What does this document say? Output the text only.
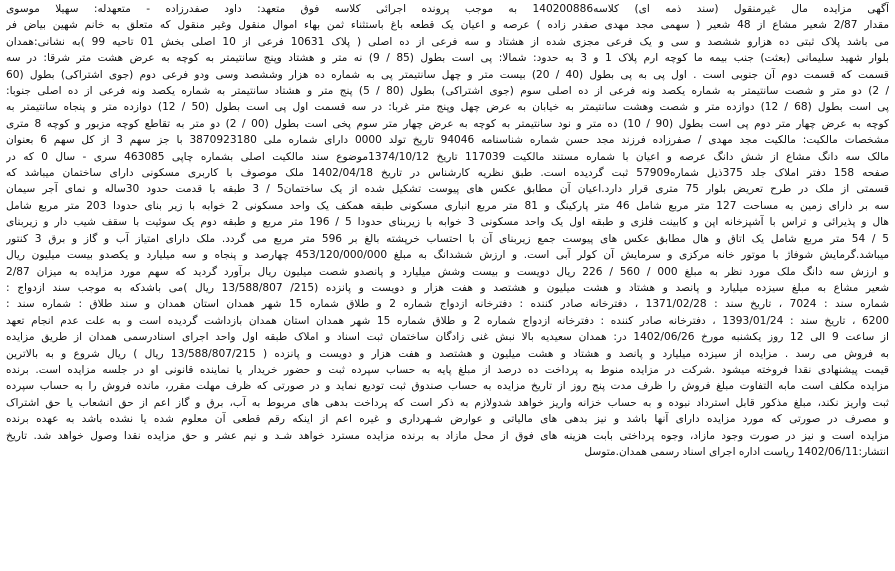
آگهی مزایده مال غیرمنقول (سند ذمه ای) کلاسه140200886 به موجب پرونده اجرائی کلاسه فوق متعهد: داود صفدرزاده - متعهدله: سهیلا موسوی
مقدار 2/87 شعیر مشاع از 48 شعیر ( سهمی مجد مهدی صفدر زاده ) عرصه و اعیان یک قطعه باغ باستثناء ثمن بهاء اموال منقول وغیر منقول که متعلق به خانم شهین بیاض فر
می باشد پلاک ثبتی ده هزارو ششصد و سی و یک فرعی مجزی شده از هشتاد و سه فرعی از ده اصلی ( پلاک 10631 فرعی از 10 اصلی بخش 01 تاحیه 99 )به نشانی:همدان
بلوار شهید سلیمانی (بعثت) جنب بیمه ما کوچه ارم پلاک 1 و 3 به حدود: شمالا: پی است بطول (85 / 9) نه متر و هشتاد وپنج سانتیمتر به کوچه به عرض هشت متر شرقا: در سه
قسمت که قسمت دوم آن جنوبی است . اول پی به پی بطول (40 / 20) بیست متر و چهل سانتیمتر پی به شماره ده هزار وششصد وسی ودو فرعی دوم (جوی اشتراکی) بطول (60
/ 2) دو متر و شصت سانتیمتر به شماره یکصد ونه فرعی از ده اصلی سوم (جوی اشتراکی) بطول (80 / 5) پنج متر و هشتاد سانتیمتر به شماره یکصد ونه فرعی از ده اصلی جنوبا:
پی است بطول (68 / 12) دوازده متر و شصت وهشت سانتیمتر به خیابان به عرض چهل وپنج متر غربا: در سه قسمت اول پی است بطول (50 / 12) دوازده متر و پنجاه سانتیمتر به
کوچه به عرض چهار متر دوم پی است بطول (90 / 10) ده متر و نود سانتیمتر به کوچه به عرض چهار متر سوم پخی است بطول (00 / 2) دو متر به تقاطع کوچه مزبور و کوچه 8 متری
مشخصات مالکیت: مالکیت مجد مهدی / صفرزاده فرزند مجد حسن شماره شناسنامه 94046 تاریخ تولد 0000 دارای شماره ملی 3870923180 با جز سهم 3 از کل سهم 6 بعنوان
مالک سه دانگ مشاع از شش دانگ عرصه و اعیان با شماره مستند مالکیت 117039 تاریخ 1374/10/12موضوع سند مالکیت اصلی بشماره چاپی 463085 سری - سال 0 که در
صفحه 158 دفتر املاک جلد 375ذیل شماره57909 ثبت گردیده است. طبق نظریه کارشناس در تاریخ 1402/04/18 ملک موصوف با کاربری مسکونی دارای ساختمان میباشد که
قسمتی از ملک در طرح تعریض بلوار 75 متری قرار دارد.اعیان آن مطابق عکس های پیوست تشکیل شده از یک ساختمان5 / 3 طبقه با قدمت حدود 30ساله و نمای آجر سیمان
سه بر دارای زمین به مساحت 127 متر مربع شامل 46 متر پارکینگ و 81 متر مربع انباری مسکونی طبقه همکف یک واحد مسکونی 2 خوابه با زیر بنای حدودا 203 متر مربع شامل
هال و پذیرائی و تراس با آشپزخانه اپن و کابینت فلزی و طبقه اول یک واحد مسکونی 3 خوابه با زیربنای حدودا 5 / 196 متر مربع و طبقه دوم یک سوئیت با سقف شیب دار و زیربنای
5 / 54 متر مربع شامل یک اتاق و هال مطابق عکس های پیوست جمع زیربنای آن با احتساب خرپشته بالغ بر 596 متر مربع می گردد. ملک دارای امتیاز آب و گاز و برق 3 کنتور
میباشد.گرمایش شوفاژ با موتور خانه مرکزی و سرمایش آن کولر آبی است. و ارزش ششدانگ به مبلغ 453/120/000/000 چهارصد و پنجاه و سه میلیارد و یکصدو بیست میلیون ریال
و ارزش سه دانگ ملک مورد نظر به مبلغ 000 / 560 / 226 ریال دویست و بیست وشش میلیارد و پانصدو شصت میلیون ریال برآورد گردید که سهم مورد مزایده به میزان 2/87
شعیر مشاع به مبلغ سیزده میلیارد و پانصد و هشتاد و هشت میلیون و هشتصد و هفت هزار و دویست و پانزده (215/ 13/588/807 ریال )می باشدکه به موجب سند ازدواج :
شماره سند : 7024 ، تاریخ سند : 1371/02/28 ، دفترخانه صادر کننده : دفترخانه ازدواج شماره 2 و طلاق شماره 15 شهر همدان استان همدان و سند طلاق : شماره سند :
6200 ، تاریخ سند : 1393/01/24 ، دفترخانه صادر کننده : دفترخانه ازدواج شماره 2 و طلاق شماره 15 شهر همدان استان همدان بازداشت گردیده است و به علت عدم انجام تعهد
از ساعت 9 الی 12 روز یکشنبه مورخ 1402/06/26 در: همدان سعیدیه بالا نبش غنی زادگان ساختمان ثبت اسناد و املاک طبقه اول واحد اجرای اسنادرسمی همدان از طریق مزایده
به فروش می رسد . مزایده از سیزده میلیارد و پانصد و هشتاد و هشت میلیون و هشتصد و هفت هزار و دویست و پانزده ( 13/588/807/215 ریال ) ریال شروع و به بالاترین
قیمت پیشنهادی نقدا فروخته میشود .شرکت در مزایده منوط به پرداخت ده درصد از مبلغ پایه به حساب سپرده ثبت و حضور خریدار یا نماینده قانونی او در جلسه مزایده است. برنده
مزایده مکلف است مابه التفاوت مبلغ فروش را ظرف مدت پنج روز از تاریخ مزایده به حساب صندوق ثبت تودیع نماید و در صورتی که ظرف مهلت مقرر، مانده فروش را به حساب سپرده
ثبت واریز نکند، مبلغ مذکور قابل استرداد نبوده و به حساب خزانه واریز خواهد شدولازم به ذکر است که پرداخت بدهی های مربوط به آب، برق و گاز اعم از حق انشعاب یا حق اشتراک
و مصرف در صورتی که مورد مزایده دارای آنها باشد و نیز بدهی های مالیاتی و عوارض شـهرداری و غیره اعم از اینکه رقم قطعی آن معلوم شده یا نشده باشد به عهده برنده
مزایده است و نیز در صورت وجود مازاد، وجوه پرداختی بابت هزینه های فوق از محل مازاد به برنده مزایده مسترد خواهد شـد و نیم عشر و حق مزایده نقدا وصول خواهد شد. تاریخ
انتشار:1402/06/11 ریاست اداره اجرای اسناد رسمی همدان.متوسل
